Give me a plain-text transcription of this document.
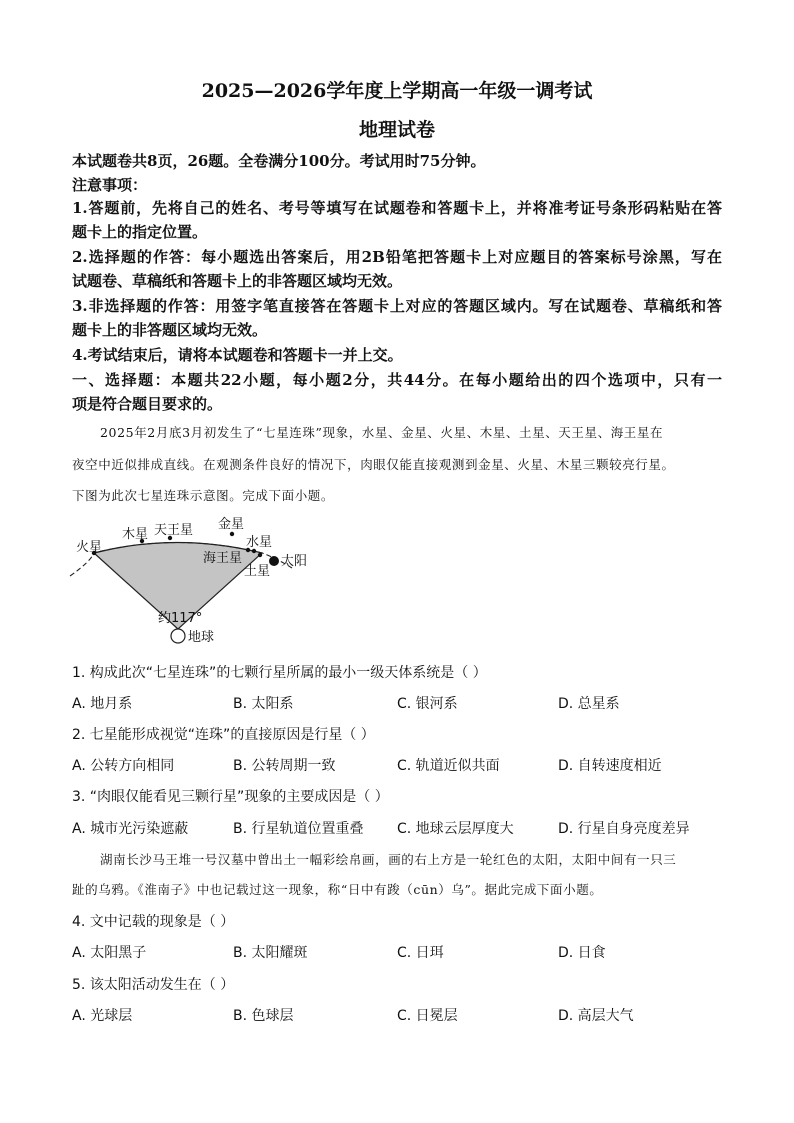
2025—2026学年度上学期高一年级一调考试
地理试卷
本试题卷共8页，26题。全卷满分100分。考试用时75分钟。
注意事项：
1.答题前，先将自己的姓名、考号等填写在试题卷和答题卡上，并将准考证号条形码粘贴在答
题卡上的指定位置。
2.选择题的作答：每小题选出答案后，用2B铅笔把答题卡上对应题目的答案标号涂黑，写在
试题卷、草稿纸和答题卡上的非答题区域均无效。
3.非选择题的作答：用签字笔直接答在答题卡上对应的答题区域内。写在试题卷、草稿纸和答
题卡上的非答题区域均无效。
4.考试结束后，请将本试题卷和答题卡一并上交。
一、选择题：本题共22小题，每小题2分，共44分。在每小题给出的四个选项中，只有一
项是符合题目要求的。
2025年2月底3月初发生了“七星连珠”现象，水星、金星、火星、木星、土星、天王星、海王星在
夜空中近似排成直线。在观测条件良好的情况下，肉眼仅能直接观测到金星、火星、木星三颗较亮行星。
下图为此次七星连珠示意图。完成下面小题。
火星
木星 天王星 金星
水星
海王星
土星
太阳
约117°
地球
1. 构成此次“七星连珠”的七颗行星所属的最小一级天体系统是（ ）
A. 地月系	B. 太阳系	C. 银河系	D. 总星系
2. 七星能形成视觉“连珠”的直接原因是行星（ ）
A. 公转方向相同	B. 公转周期一致	C. 轨道近似共面	D. 自转速度相近
3. “肉眼仅能看见三颗行星”现象的主要成因是（ ）
A. 城市光污染遮蔽	B. 行星轨道位置重叠 C. 地球云层厚度大	D. 行星自身亮度差异
湖南长沙马王堆一号汉墓中曾出土一幅彩绘帛画，画的右上方是一轮红色的太阳，太阳中间有一只三
趾的乌鸦。《淮南子》中也记载过这一现象，称“日中有踆（cūn）乌”。据此完成下面小题。
4. 文中记载的现象是（ ）
A. 太阳黑子	B. 太阳耀斑	C. 日珥	D. 日食
5. 该太阳活动发生在（ ）
A. 光球层	B. 色球层	C. 日冕层	D. 高层大气
